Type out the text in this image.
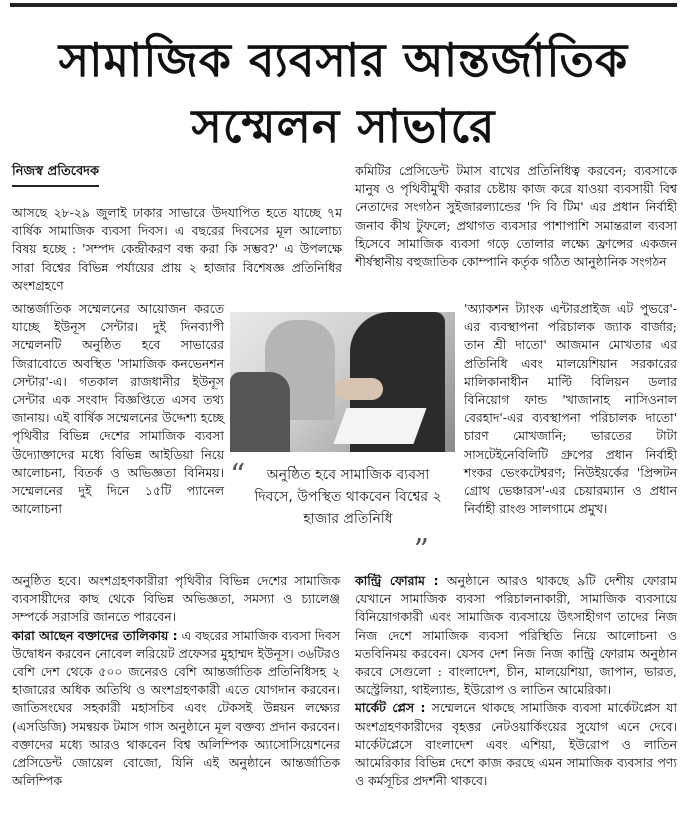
সামাজিক ব্যবসার আন্তর্জাতিক
সম্মেলন সাভারে
নিজস্ব প্রতিবেদক

আসছে ২৮-২৯ জুলাই ঢাকার সাভারে উদযাপিত হতে যাচ্ছে ৭ম বার্ষিক সামাজিক ব্যবসা দিবস। এ বছরের দিবসের মূল আলোচ্য বিষয় হচ্ছে : 'সম্পদ কেন্দ্রীকরণ বন্ধ করা কি সম্ভব?' এ উপলক্ষে সারা বিশ্বের বিভিন্ন পর্যায়ের প্রায় ২ হাজার বিশেষজ্ঞ প্রতিনিধির অংশগ্রহণে

আন্তর্জাতিক সম্মেলনের আয়োজন করতে যাচ্ছে ইউনূস সেন্টার। দুই দিনব্যাপী সম্মেলনটি অনুষ্ঠিত হবে সাভারের জিরাবোতে অবস্থিত 'সামাজিক কনভেনশন সেন্টার'-এ। গতকাল রাজধানীর ইউনূস সেন্টার এক সংবাদ বিজ্ঞপ্তিতে এসব তথ্য জানায়। এই বার্ষিক সম্মেলনের উদ্দেশ্য হচ্ছে পৃথিবীর বিভিন্ন দেশের সামাজিক ব্যবসা উদ্যোক্তাদের মধ্যে বিভিন্ন আইডিয়া নিয়ে আলোচনা, বিতর্ক ও অভিজ্ঞতা বিনিময়। সম্মেলনের দুই দিনে ১৫টি প্যানেল আলোচনা

“	অনুষ্ঠিত হবে সামাজিক ব্যবসা দিবসে, উপস্থিত থাকবেন বিশ্বের ২ হাজার প্রতিনিধি
”

কমিটির প্রেসিডেন্ট টমাস বাখের প্রতিনিধিত্ব করবেন; ব্যবসাকে মানুষ ও পৃথিবীমুখী করার চেষ্টায় কাজ করে যাওয়া ব্যবসায়ী বিশ্ব নেতাদের সংগঠন সুইজারল্যান্ডের 'দি বি টিম' এর প্রধান নির্বাহী জনাব কীথ টুফলে; প্রথাগত ব্যবসার পাশাপাশি সমান্তরাল ব্যবসা হিসেবে সামাজিক ব্যবসা গড়ে তোলার লক্ষ্যে ফ্রান্সের একজন শীর্ষস্থানীয় বহুজাতিক কোম্পানি কর্তৃক গঠিত আনুষ্ঠানিক সংগঠন

'অ্যাকশন ট্যাংক এন্টারপ্রাইজ এট পুভরে'- এর ব্যবস্থাপনা পরিচালক জ্যাক বার্জার; তান শ্রী দাতো' আজমান মোখতার এর প্রতিনিধি এবং মালয়েশিয়ান সরকারের মালিকানাধীন মাল্টি বিলিয়ন ডলার বিনিয়োগ ফান্ড 'খাজানাহ নাসিওনাল বেরহাদ'-এর ব্যবস্থাপনা পরিচালক দাতো' চারণ মোখজানি; ভারতের টাটা সাসটেইনেবিলিটি গ্রুপের প্রধান নির্বাহী শংকর ভেংকটেশ্বরণ; নিউইয়র্কের 'প্রিন্সটন গ্রোথ ভেঞ্চারস'-এর চেয়ারম্যান ও প্রধান নির্বাহী রাংগু সালগামে প্রমুখ।

অনুষ্ঠিত হবে। অংশগ্রহণকারীরা পৃথিবীর বিভিন্ন দেশের সামাজিক ব্যবসায়ীদের কাছ থেকে বিভিন্ন অভিজ্ঞতা, সমস্যা ও চ্যালেঞ্জ সম্পর্কে সরাসরি জানতে পারবেন।

কারা আছেন বক্তাদের তালিকায় : এ বছরের সামাজিক ব্যবসা দিবস উদ্বোধন করবেন নোবেল লরিয়েট প্রফেসর মুহাম্মদ ইউনূস। ৩৬টিরও বেশি দেশ থেকে ৫০০ জনেরও বেশি আন্তর্জাতিক প্রতিনিধিসহ ২ হাজারের অধিক অতিথি ও অংশগ্রহণকারী এতে যোগদান করবেন। জাতিসংঘের সহকারী মহাসচিব এবং টেকসই উন্নয়ন লক্ষ্যের (এসডিজি) সমন্বয়ক টমাস গাস অনুষ্ঠানে মূল বক্তব্য প্রদান করবেন। বক্তাদের মধ্যে আরও থাকবেন বিশ্ব অলিম্পিক অ্যাসোসিয়েশনের প্রেসিডেন্ট জোয়েল বোজো, যিনি এই অনুষ্ঠানে আন্তর্জাতিক অলিম্পিক

কান্ট্রি ফোরাম : অনুষ্ঠানে আরও থাকছে ৯টি দেশীয় ফোরাম যেখানে সামাজিক ব্যবসা পরিচালনাকারী, সামাজিক ব্যবসায়ে বিনিয়োগকারী এবং সামাজিক ব্যবসায়ে উৎসাহীগণ তাদের নিজ নিজ দেশে সামাজিক ব্যবসা পরিস্থিতি নিয়ে আলোচনা ও মতবিনিময় করবেন। যেসব দেশ নিজ নিজ কান্ট্রি ফোরাম অনুষ্ঠান করবে সেগুলো : বাংলাদেশ, চীন, মালয়েশিয়া, জাপান, ভারত, অস্ট্রেলিয়া, থাইল্যান্ড, ইউরোপ ও লাতিন আমেরিকা।

মার্কেট প্লেস : সম্মেলনে থাকছে সামাজিক ব্যবসা মার্কেটপ্লেস যা অংশগ্রহণকারীদের বৃহত্তর নেটওয়ার্কিংয়ের সুযোগ এনে দেবে। মার্কেটপ্লেসে বাংলাদেশ এবং এশিয়া, ইউরোপ ও লাতিন আমেরিকার বিভিন্ন দেশে কাজ করছে এমন সামাজিক ব্যবসার পণ্য ও কর্মসূচির প্রদর্শনী থাকবে।
